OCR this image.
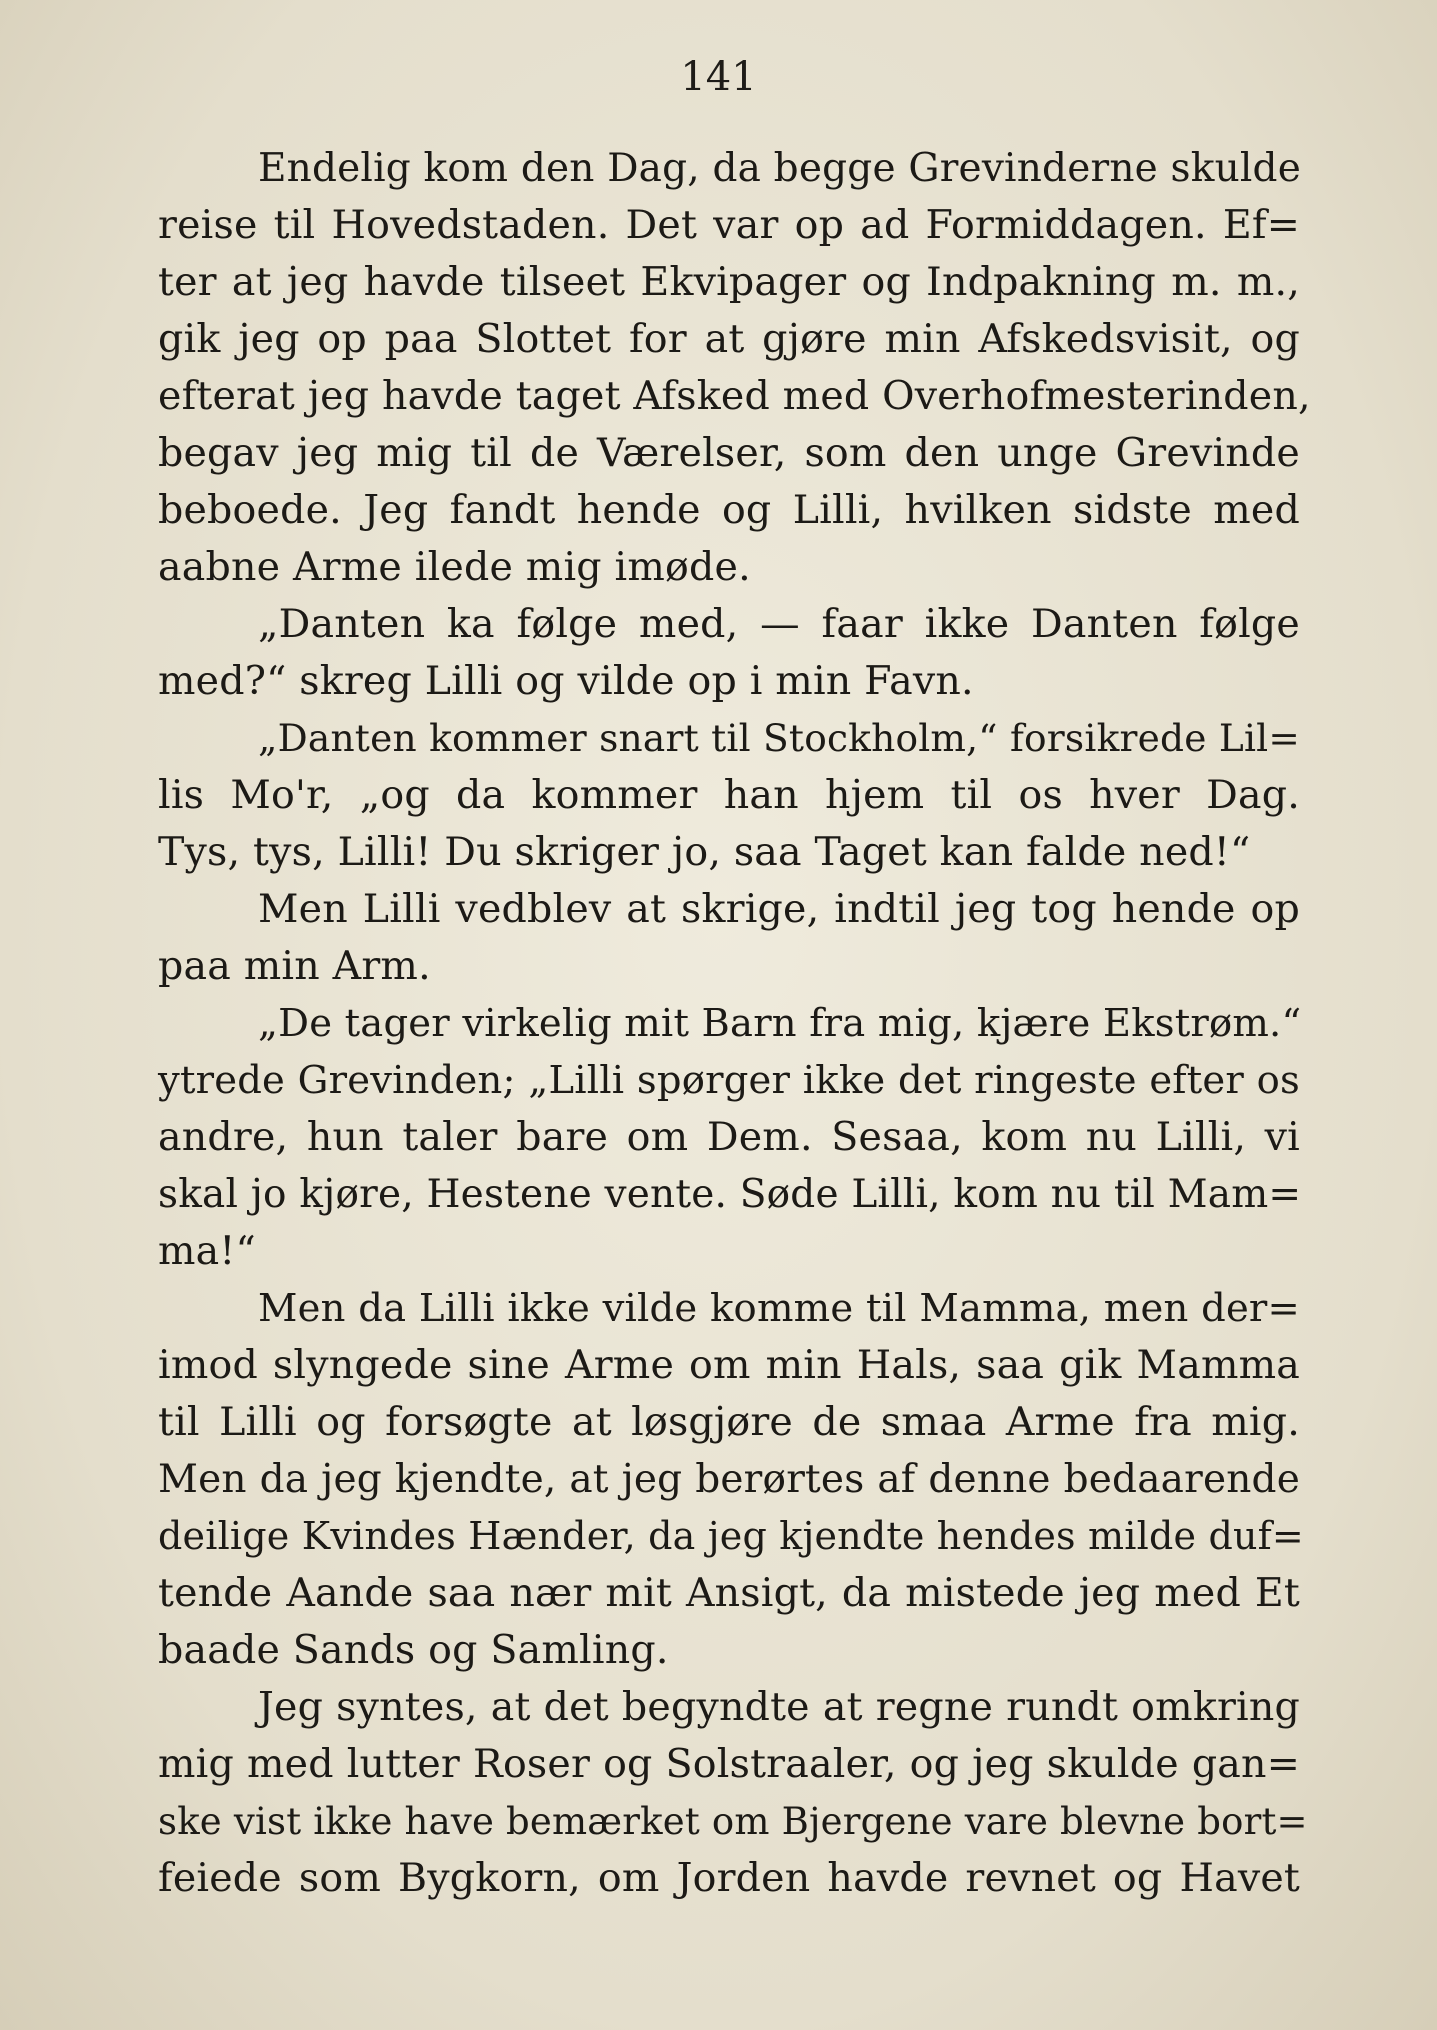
141
Endelig kom den Dag, da begge Grevinderne skulde
reise til Hovedstaden. Det var op ad Formiddagen. Ef=
ter at jeg havde tilseet Ekvipager og Indpakning m. m.,
gik jeg op paa Slottet for at gjøre min Afskedsvisit, og
efterat jeg havde taget Afsked med Overhofmesterinden,
begav jeg mig til de Værelser, som den unge Grevinde
beboede. Jeg fandt hende og Lilli, hvilken sidste med
aabne Arme ilede mig imøde.
„Danten ka følge med, — faar ikke Danten følge
med?“ skreg Lilli og vilde op i min Favn.
„Danten kommer snart til Stockholm,“ forsikrede Lil=
lis Mo'r, „og da kommer han hjem til os hver Dag.
Tys, tys, Lilli! Du skriger jo, saa Taget kan falde ned!“
Men Lilli vedblev at skrige, indtil jeg tog hende op
paa min Arm.
„De tager virkelig mit Barn fra mig, kjære Ekstrøm.“
ytrede Grevinden; „Lilli spørger ikke det ringeste efter os
andre, hun taler bare om Dem. Sesaa, kom nu Lilli, vi
skal jo kjøre, Hestene vente. Søde Lilli, kom nu til Mam=
ma!“
Men da Lilli ikke vilde komme til Mamma, men der=
imod slyngede sine Arme om min Hals, saa gik Mamma
til Lilli og forsøgte at løsgjøre de smaa Arme fra mig.
Men da jeg kjendte, at jeg berørtes af denne bedaarende
deilige Kvindes Hænder, da jeg kjendte hendes milde duf=
tende Aande saa nær mit Ansigt, da mistede jeg med Et
baade Sands og Samling.
Jeg syntes, at det begyndte at regne rundt omkring
mig med lutter Roser og Solstraaler, og jeg skulde gan=
ske vist ikke have bemærket om Bjergene vare blevne bort=
feiede som Bygkorn, om Jorden havde revnet og Havet
